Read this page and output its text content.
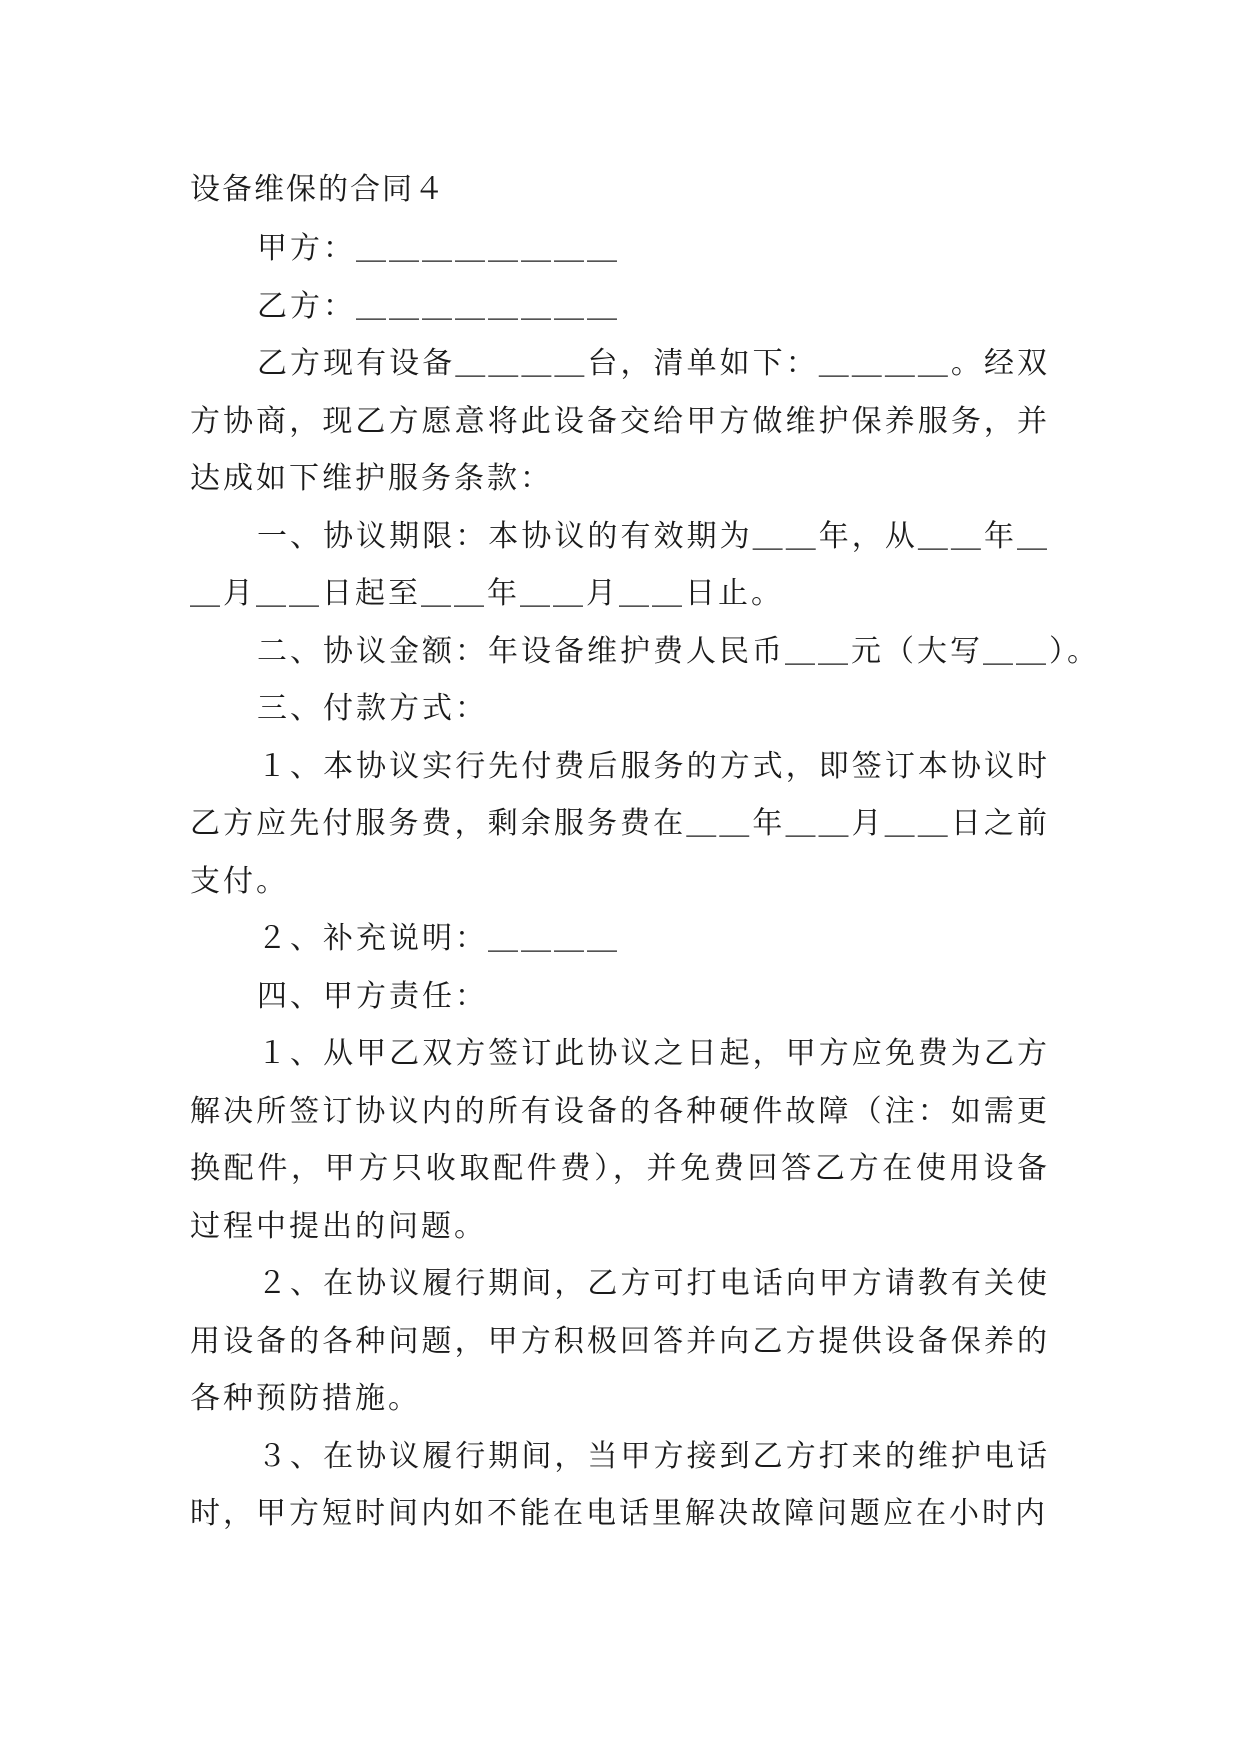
设备维保的合同４

甲方：＿＿＿＿＿＿＿＿

乙方：＿＿＿＿＿＿＿＿

乙方现有设备＿＿＿＿台，清单如下：＿＿＿＿。经双方协商，现乙方愿意将此设备交给甲方做维护保养服务，并达成如下维护服务条款：

一、协议期限：本协议的有效期为＿＿年，从＿＿年＿＿月＿＿日起至＿＿年＿＿月＿＿日止。

二、协议金额：年设备维护费人民币＿＿元（大写＿＿）。

三、付款方式：

１、本协议实行先付费后服务的方式，即签订本协议时乙方应先付服务费，剩余服务费在＿＿年＿＿月＿＿日之前支付。

２、补充说明：＿＿＿＿

四、甲方责任：

１、从甲乙双方签订此协议之日起，甲方应免费为乙方解决所签订协议内的所有设备的各种硬件故障（注：如需更换配件，甲方只收取配件费），并免费回答乙方在使用设备过程中提出的问题。

２、在协议履行期间，乙方可打电话向甲方请教有关使用设备的各种问题，甲方积极回答并向乙方提供设备保养的各种预防措施。

３、在协议履行期间，当甲方接到乙方打来的维护电话时，甲方短时间内如不能在电话里解决故障问题应在小时内
